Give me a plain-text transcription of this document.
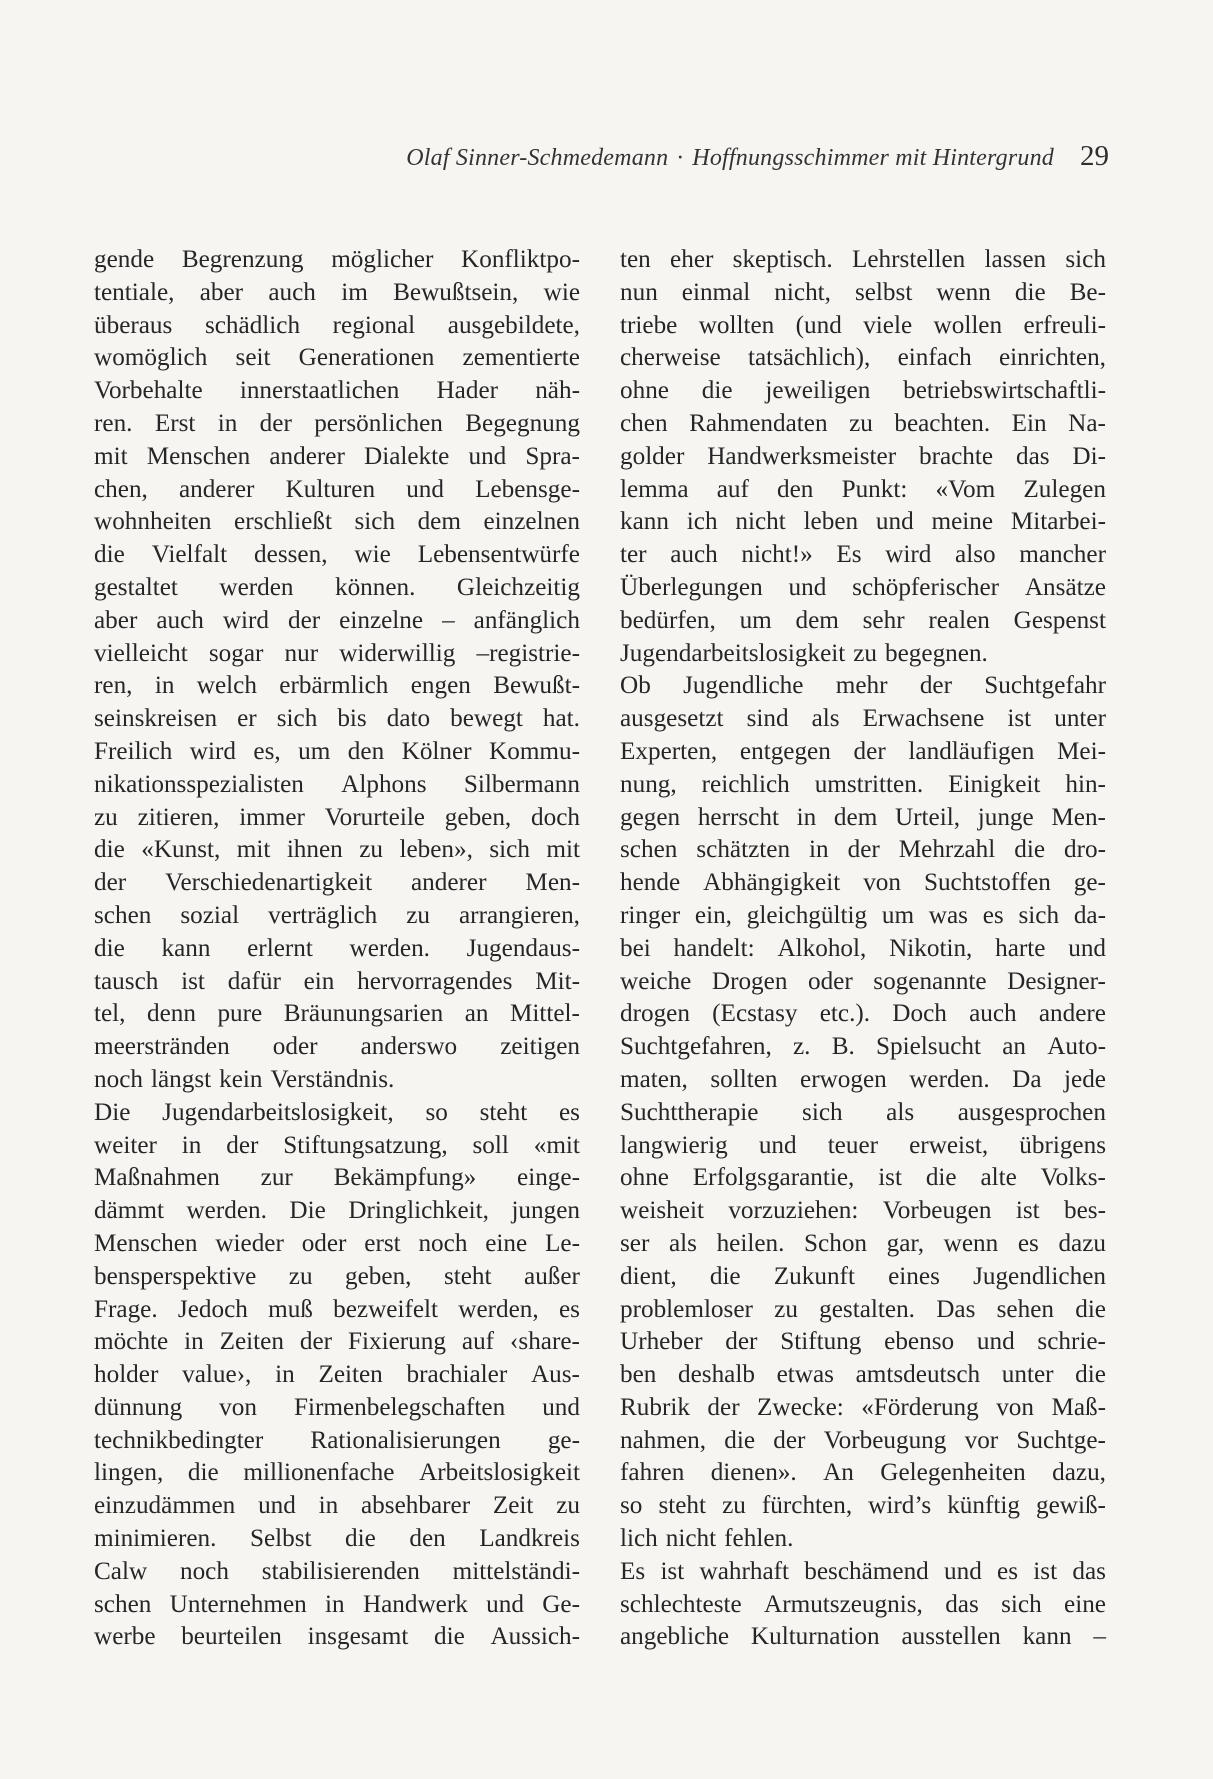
Olaf Sinner-Schmedemann · Hoffnungsschimmer mit Hintergrund 29
gende Begrenzung möglicher Konfliktpo-
tentiale, aber auch im Bewußtsein, wie
überaus schädlich regional ausgebildete,
womöglich seit Generationen zementierte
Vorbehalte innerstaatlichen Hader näh-
ren. Erst in der persönlichen Begegnung
mit Menschen anderer Dialekte und Spra-
chen, anderer Kulturen und Lebensge-
wohnheiten erschließt sich dem einzelnen
die Vielfalt dessen, wie Lebensentwürfe
gestaltet werden können. Gleichzeitig
aber auch wird der einzelne – anfänglich
vielleicht sogar nur widerwillig –registrie-
ren, in welch erbärmlich engen Bewußt-
seinskreisen er sich bis dato bewegt hat.
Freilich wird es, um den Kölner Kommu-
nikationsspezialisten Alphons Silbermann
zu zitieren, immer Vorurteile geben, doch
die «Kunst, mit ihnen zu leben», sich mit
der Verschiedenartigkeit anderer Men-
schen sozial verträglich zu arrangieren,
die kann erlernt werden. Jugendaus-
tausch ist dafür ein hervorragendes Mit-
tel, denn pure Bräunungsarien an Mittel-
meerstränden oder anderswo zeitigen
noch längst kein Verständnis.
Die Jugendarbeitslosigkeit, so steht es
weiter in der Stiftungsatzung, soll «mit
Maßnahmen zur Bekämpfung» einge-
dämmt werden. Die Dringlichkeit, jungen
Menschen wieder oder erst noch eine Le-
bensperspektive zu geben, steht außer
Frage. Jedoch muß bezweifelt werden, es
möchte in Zeiten der Fixierung auf ‹share-
holder value›, in Zeiten brachialer Aus-
dünnung von Firmenbelegschaften und
technikbedingter Rationalisierungen ge-
lingen, die millionenfache Arbeitslosigkeit
einzudämmen und in absehbarer Zeit zu
minimieren. Selbst die den Landkreis
Calw noch stabilisierenden mittelständi-
schen Unternehmen in Handwerk und Ge-
werbe beurteilen insgesamt die Aussich-
ten eher skeptisch. Lehrstellen lassen sich
nun einmal nicht, selbst wenn die Be-
triebe wollten (und viele wollen erfreuli-
cherweise tatsächlich), einfach einrichten,
ohne die jeweiligen betriebswirtschaftli-
chen Rahmendaten zu beachten. Ein Na-
golder Handwerksmeister brachte das Di-
lemma auf den Punkt: «Vom Zulegen
kann ich nicht leben und meine Mitarbei-
ter auch nicht!» Es wird also mancher
Überlegungen und schöpferischer Ansätze
bedürfen, um dem sehr realen Gespenst
Jugendarbeitslosigkeit zu begegnen.
Ob Jugendliche mehr der Suchtgefahr
ausgesetzt sind als Erwachsene ist unter
Experten, entgegen der landläufigen Mei-
nung, reichlich umstritten. Einigkeit hin-
gegen herrscht in dem Urteil, junge Men-
schen schätzten in der Mehrzahl die dro-
hende Abhängigkeit von Suchtstoffen ge-
ringer ein, gleichgültig um was es sich da-
bei handelt: Alkohol, Nikotin, harte und
weiche Drogen oder sogenannte Designer-
drogen (Ecstasy etc.). Doch auch andere
Suchtgefahren, z. B. Spielsucht an Auto-
maten, sollten erwogen werden. Da jede
Suchttherapie sich als ausgesprochen
langwierig und teuer erweist, übrigens
ohne Erfolgsgarantie, ist die alte Volks-
weisheit vorzuziehen: Vorbeugen ist bes-
ser als heilen. Schon gar, wenn es dazu
dient, die Zukunft eines Jugendlichen
problemloser zu gestalten. Das sehen die
Urheber der Stiftung ebenso und schrie-
ben deshalb etwas amtsdeutsch unter die
Rubrik der Zwecke: «Förderung von Maß-
nahmen, die der Vorbeugung vor Suchtge-
fahren dienen». An Gelegenheiten dazu,
so steht zu fürchten, wird’s künftig gewiß-
lich nicht fehlen.
Es ist wahrhaft beschämend und es ist das
schlechteste Armutszeugnis, das sich eine
angebliche Kulturnation ausstellen kann –
